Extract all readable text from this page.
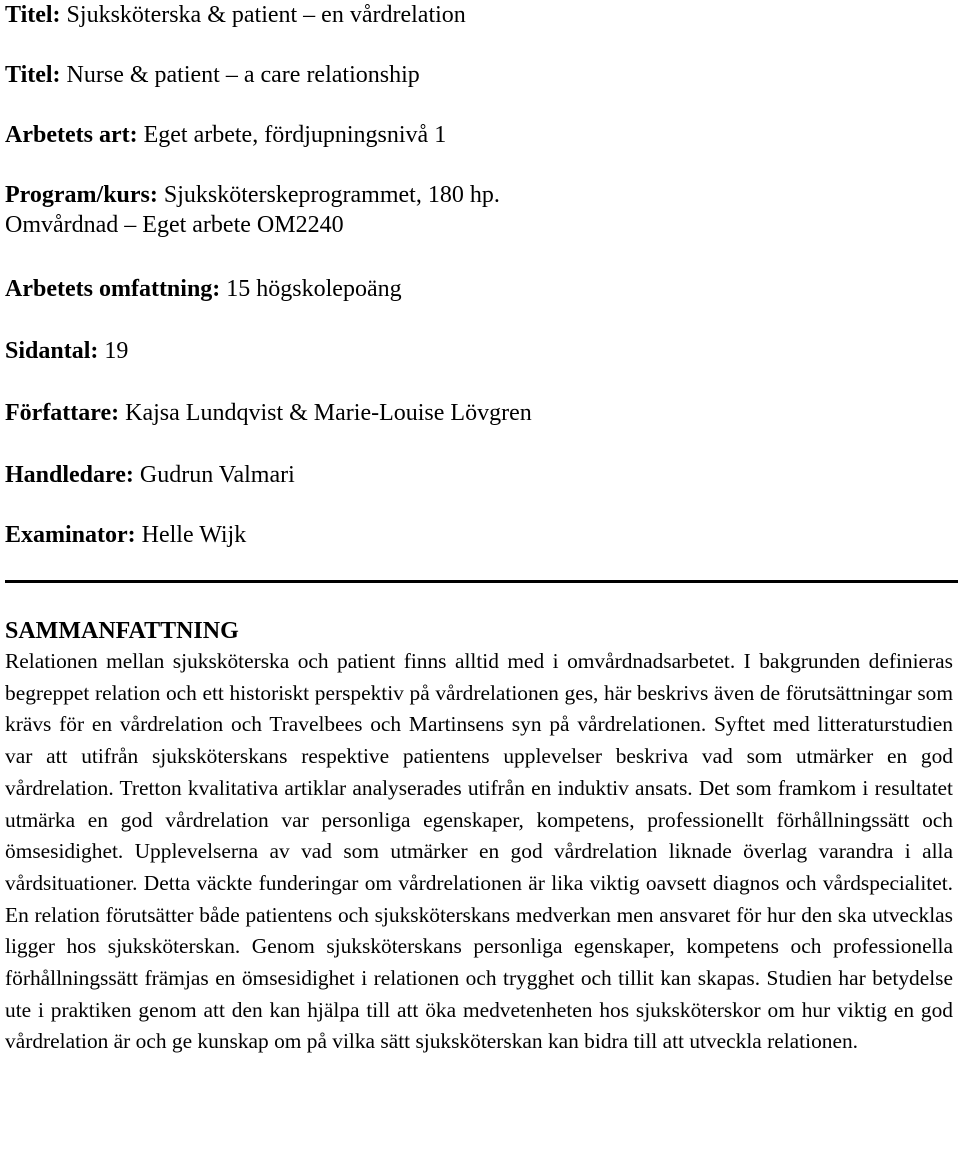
Titel: Sjuksköterska & patient – en vårdrelation
Titel: Nurse & patient – a care relationship
Arbetets art: Eget arbete, fördjupningsnivå 1
Program/kurs: Sjuksköterskeprogrammet, 180 hp.
Omvårdnad – Eget arbete OM2240
Arbetets omfattning: 15 högskolepoäng
Sidantal: 19
Författare: Kajsa Lundqvist & Marie-Louise Lövgren
Handledare: Gudrun Valmari
Examinator: Helle Wijk
SAMMANFATTNING

Relationen mellan sjuksköterska och patient finns alltid med i omvårdnadsarbetet. I bakgrunden definieras begreppet relation och ett historiskt perspektiv på vårdrelationen ges, här beskrivs även de förutsättningar som krävs för en vårdrelation och Travelbees och Martinsens syn på vårdrelationen. Syftet med litteraturstudien var att utifrån sjuksköterskans respektive patientens upplevelser beskriva vad som utmärker en god vårdrelation. Tretton kvalitativa artiklar analyserades utifrån en induktiv ansats. Det som framkom i resultatet utmärka en god vårdrelation var personliga egenskaper, kompetens, professionellt förhållningssätt och ömsesidighet. Upplevelserna av vad som utmärker en god vårdrelation liknade överlag varandra i alla vårdsituationer. Detta väckte funderingar om vårdrelationen är lika viktig oavsett diagnos och vårdspecialitet. En relation förutsätter både patientens och sjuksköterskans medverkan men ansvaret för hur den ska utvecklas ligger hos sjuksköterskan. Genom sjuksköterskans personliga egenskaper, kompetens och professionella förhållningssätt främjas en ömsesidighet i relationen och trygghet och tillit kan skapas. Studien har betydelse ute i praktiken genom att den kan hjälpa till att öka medvetenheten hos sjuksköterskor om hur viktig en god vårdrelation är och ge kunskap om på vilka sätt sjuksköterskan kan bidra till att utveckla relationen.
